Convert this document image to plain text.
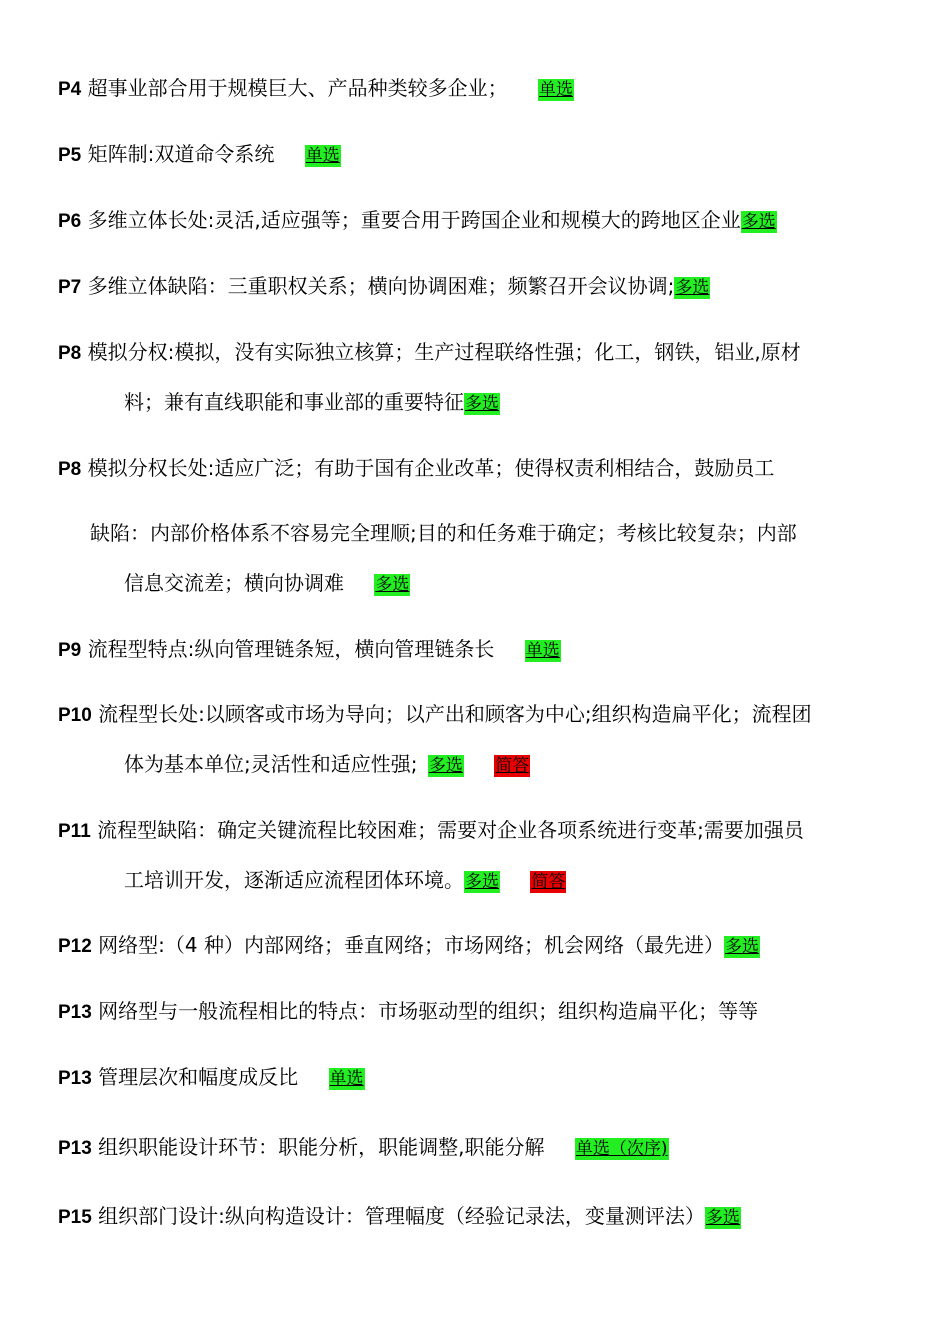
P4 超事业部合用于规模巨大、产品种类较多企业； 单选
P5 矩阵制:双道命令系统 单选
P6 多维立体长处:灵活,适应强等；重要合用于跨国企业和规模大的跨地区企业多选
P7 多维立体缺陷：三重职权关系；横向协调困难；频繁召开会议协调;多选
P8 模拟分权:模拟，没有实际独立核算；生产过程联络性强；化工，钢铁，铝业,原材
料；兼有直线职能和事业部的重要特征多选
P8 模拟分权长处:适应广泛；有助于国有企业改革；使得权责利相结合，鼓励员工
缺陷：内部价格体系不容易完全理顺;目的和任务难于确定；考核比较复杂；内部
信息交流差；横向协调难 多选
P9 流程型特点:纵向管理链条短，横向管理链条长 单选
P10 流程型长处:以顾客或市场为导向；以产出和顾客为中心;组织构造扁平化；流程团
体为基本单位;灵活性和适应性强; 多选 简答
P11 流程型缺陷：确定关键流程比较困难；需要对企业各项系统进行变革;需要加强员
工培训开发，逐渐适应流程团体环境。多选 简答
P12 网络型:（4 种）内部网络；垂直网络；市场网络；机会网络（最先进）多选
P13 网络型与一般流程相比的特点：市场驱动型的组织；组织构造扁平化；等等
P13 管理层次和幅度成反比 单选
P13 组织职能设计环节：职能分析，职能调整,职能分解 单选（次序)
P15 组织部门设计:纵向构造设计：管理幅度（经验记录法，变量测评法）多选
